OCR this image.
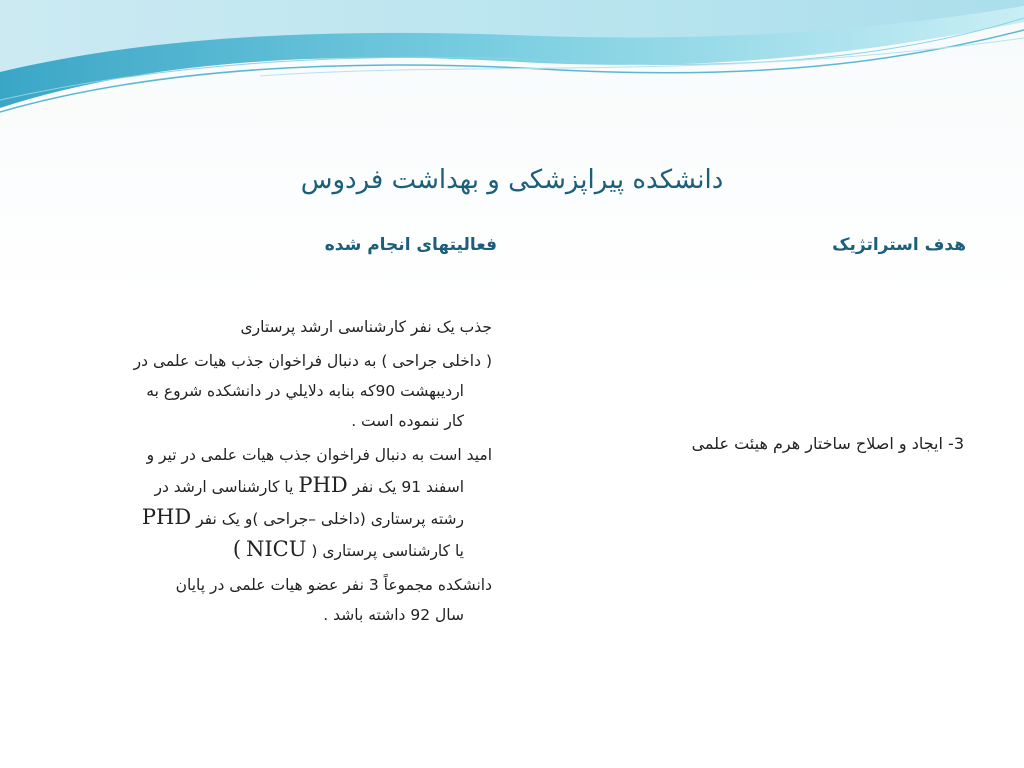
دانشکده پیراپزشکی و بهداشت فردوس
هدف استراتژیک
فعالیتهای انجام شده
3- ایجاد و اصلاح ساختار هرم هیئت علمی
جذب یک نفر کارشناسی ارشد پرستاری
( داخلی جراحی ) به دنبال فراخوان جذب هیات علمی در
اردیبهشت 90که بنابه دلايلي در دانشکده شروع به
کار ننموده است .
امید است به دنبال فراخوان جذب هیات علمی در تیر و
اسفند 91 یک نفر PHD یا کارشناسی ارشد در
رشته پرستاری (داخلی –جراحی )و یک نفر PHD
یا کارشناسی پرستاری ( NICU )
دانشکده مجموعاً 3 نفر عضو هیات علمی در پایان
سال 92 داشته باشد .
